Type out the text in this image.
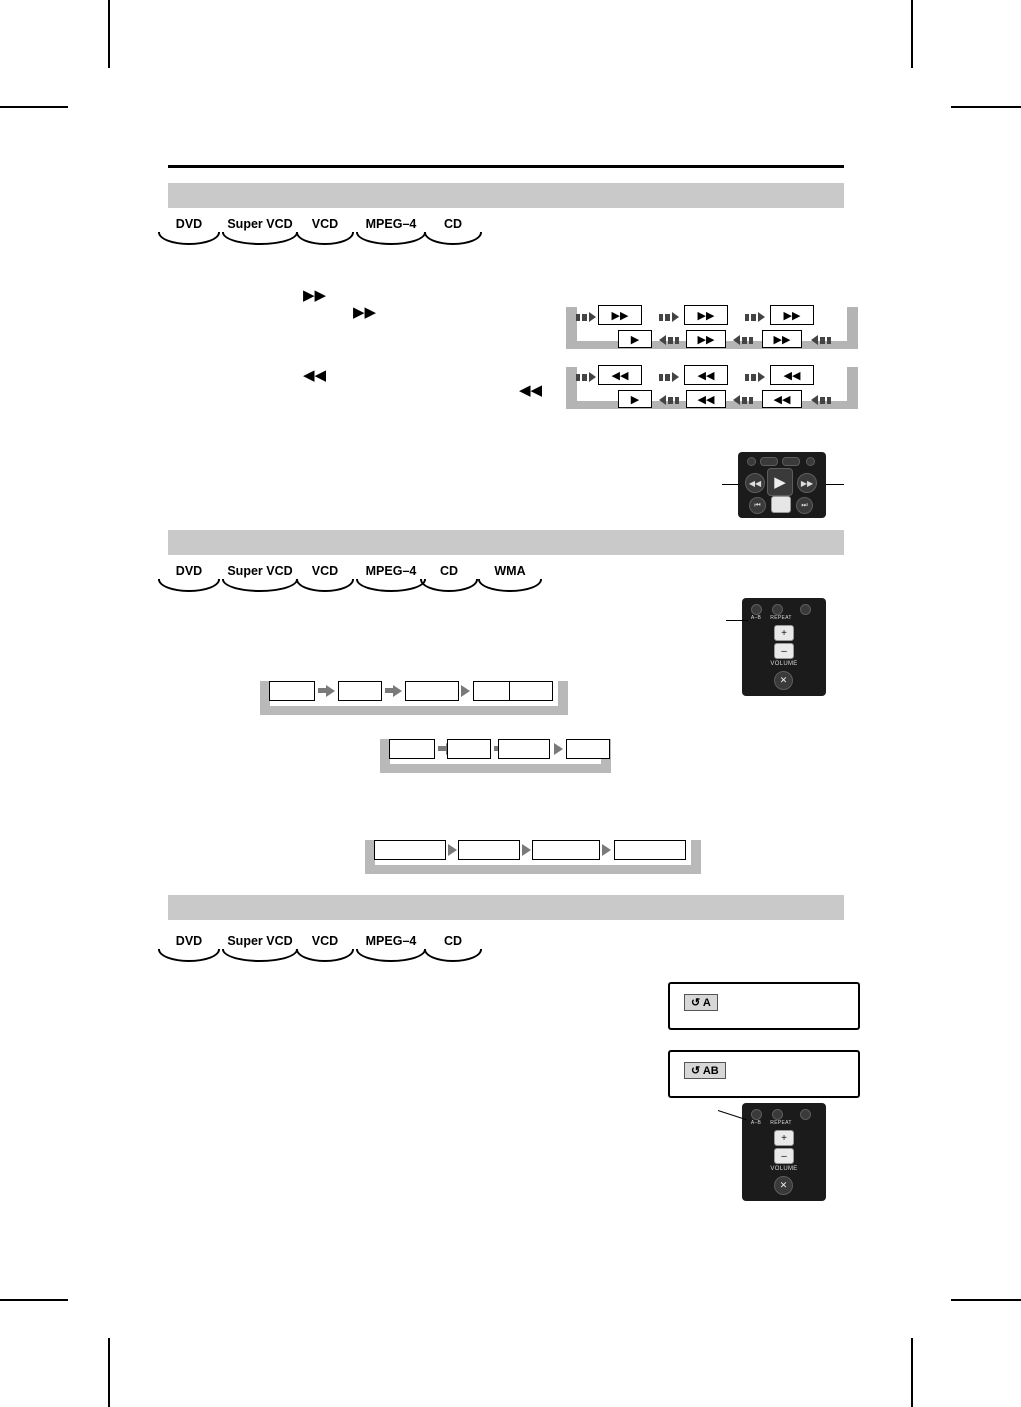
DVD	Super VCD	VCD	MPEG–4	CD
▶▶
▶▶
◀◀
◀◀
▶▶	▶▶	▶▶
▶	▶▶	▶▶
◀◀	◀◀	◀◀
▶	◀◀	◀◀
◀◀ ▶ ▶▶
⏮	⏭
DVD	Super VCD	VCD	MPEG–4	CD	WMA
A–B	REPEAT
+
–
VOLUME
✕
DVD	Super VCD	VCD	MPEG–4	CD
↺ A
↺ AB
A–B	REPEAT
+
–
VOLUME
✕
